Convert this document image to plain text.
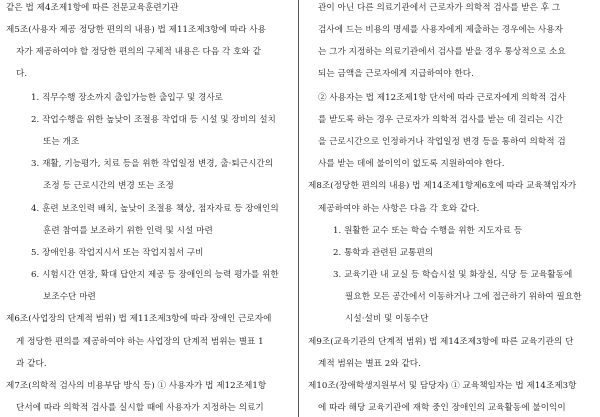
같은 법 제4조제1항에 따른 전문교육훈련기관
제5조(사용자 제공 정당한 편의의 내용) 법 제11조제3항에 따라 사용
자가 제공하여야 할 정당한 편의의 구체적 내용은 다음 각 호와 같
다.
1. 직무수행 장소까지 출입가능한 출입구 및 경사로
2. 작업수행을 위한 높낮이 조절용 작업대 등 시설 및 장비의 설치
또는 개조
3. 재활, 기능평가, 치료 등을 위한 작업일정 변경, 출·퇴근시간의
조정 등 근로시간의 변경 또는 조정
4. 훈련 보조인력 배치, 높낮이 조절용 책상, 점자자료 등 장애인의
훈련 참여를 보조하기 위한 인력 및 시설 마련
5. 장애인용 작업지시서 또는 작업지침서 구비
6. 시험시간 연장, 확대 답안지 제공 등 장애인의 능력 평가를 위한
보조수단 마련
제6조(사업장의 단계적 범위) 법 제11조제3항에 따라 장애인 근로자에
게 정당한 편의를 제공하여야 하는 사업장의 단계적 범위는 별표 1
과 같다.
제7조(의학적 검사의 비용부담 방식 등) ① 사용자가 법 제12조제1항
단서에 따라 의학적 검사를 실시할 때에 사용자가 지정하는 의료기
관이 아닌 다른 의료기관에서 근로자가 의학적 검사를 받은 후 그
검사에 드는 비용의 명세를 사용자에게 제출하는 경우에는 사용자
는 그가 지정하는 의료기관에서 검사를 받을 경우 통상적으로 소요
되는 금액을 근로자에게 지급하여야 한다.
② 사용자는 법 제12조제1항 단서에 따라 근로자에게 의학적 검사
를 받도록 하는 경우 근로자가 의학적 검사를 받는 데 걸리는 시간
을 근로시간으로 인정하거나 작업일정 변경 등을 통하여 의학적 검
사를 받는 데에 불이익이 없도록 지원하여야 한다.
제8조(정당한 편의의 내용) 법 제14조제1항제6호에 따라 교육책임자가
제공하여야 하는 사항은 다음 각 호와 같다.
1. 원활한 교수 또는 학습 수행을 위한 지도자료 등
2. 통학과 관련된 교통편의
3. 교육기관 내 교실 등 학습시설 및 화장실, 식당 등 교육활동에
필요한 모든 공간에서 이동하거나 그에 접근하기 위하여 필요한
시설·설비 및 이동수단
제9조(교육기관의 단계적 범위) 법 제14조제3항에 따른 교육기관의 단
계적 범위는 별표 2와 같다.
제10조(장애학생지원부서 및 담당자) ① 교육책임자는 법 제14조제3항
에 따라 해당 교육기관에 재학 중인 장애인의 교육활동에 불이익이
